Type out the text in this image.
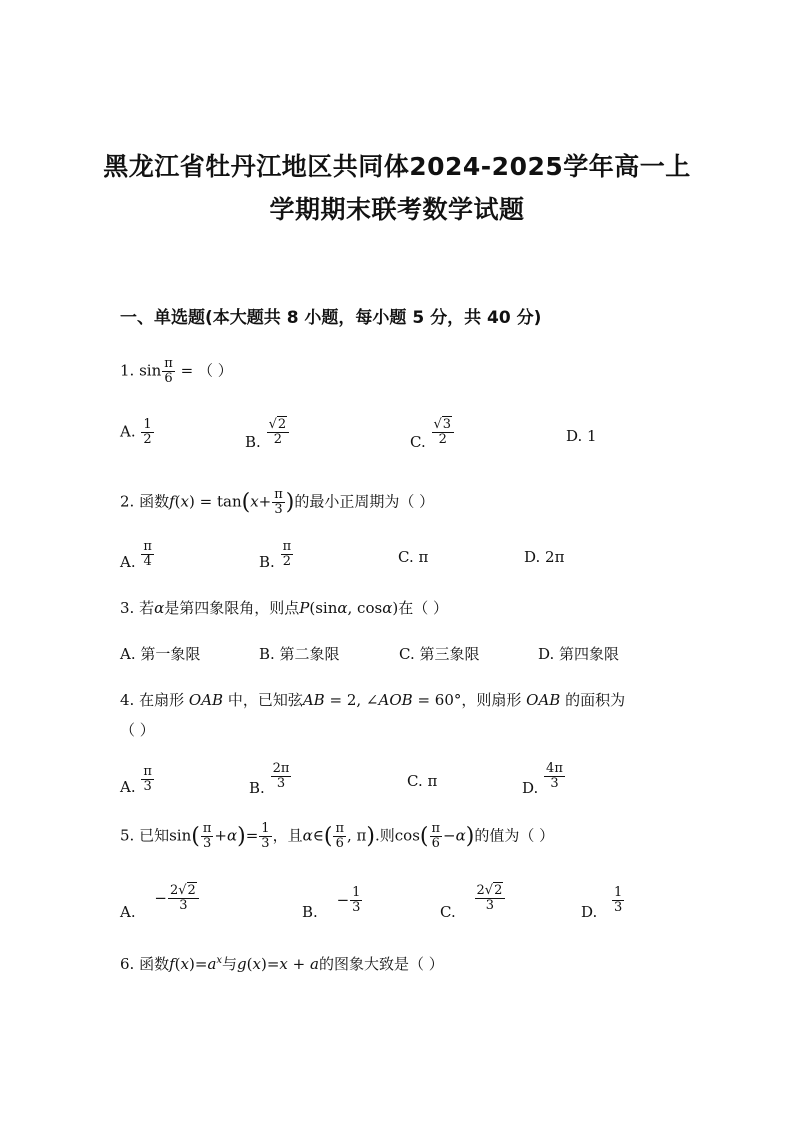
黑龙江省牡丹江地区共同体2024-2025学年高一上
学期期末联考数学试题
一、单选题(本大题共 8 小题，每小题 5 分，共 40 分)
1. $\sin \frac{\pi}{6}$ = （ ）
A. $\frac{1}{2}$	B. $\frac{√2}{2}$	C. $\frac{√3}{2}$	D. 1
2. 函数$f(x) = \tan(x+ \frac{\pi}{3}$ )的最小正周期为（ ）
A. $\frac{\pi}{4}$	B. $\frac{\pi}{2}$	C. π	D. 2π
3. 若α是第四象限角，则点P(sinα, cosα)在（ ）
A. 第一象限	B. 第二象限	C. 第三象限	D. 第四象限
4. 在扇形 OAB 中，已知弦AB = 2, ∠AOB = 60°，则扇形 OAB 的面积为
（ ）
A. $\frac{\pi}{3}$	B. $\frac{2\pi}{3}$	C. π	D. $\frac{4\pi}{3}$
5. 已知$\sin( \frac{\pi}{3} +\alpha)= \frac{1}{3}$ ，且α∈( $\frac{\pi}{6}$ , π).则$\cos( \frac{\pi}{6} -\alpha)$的值为（ ）
A. − $\frac{2√2}{3}$	B. − $\frac{1}{3}$	C. $\frac{2√2}{3}$	D. $\frac{1}{3}$
6. 函数$f(x)=a^x$与g(x)=x + a的图象大致是（ ）
